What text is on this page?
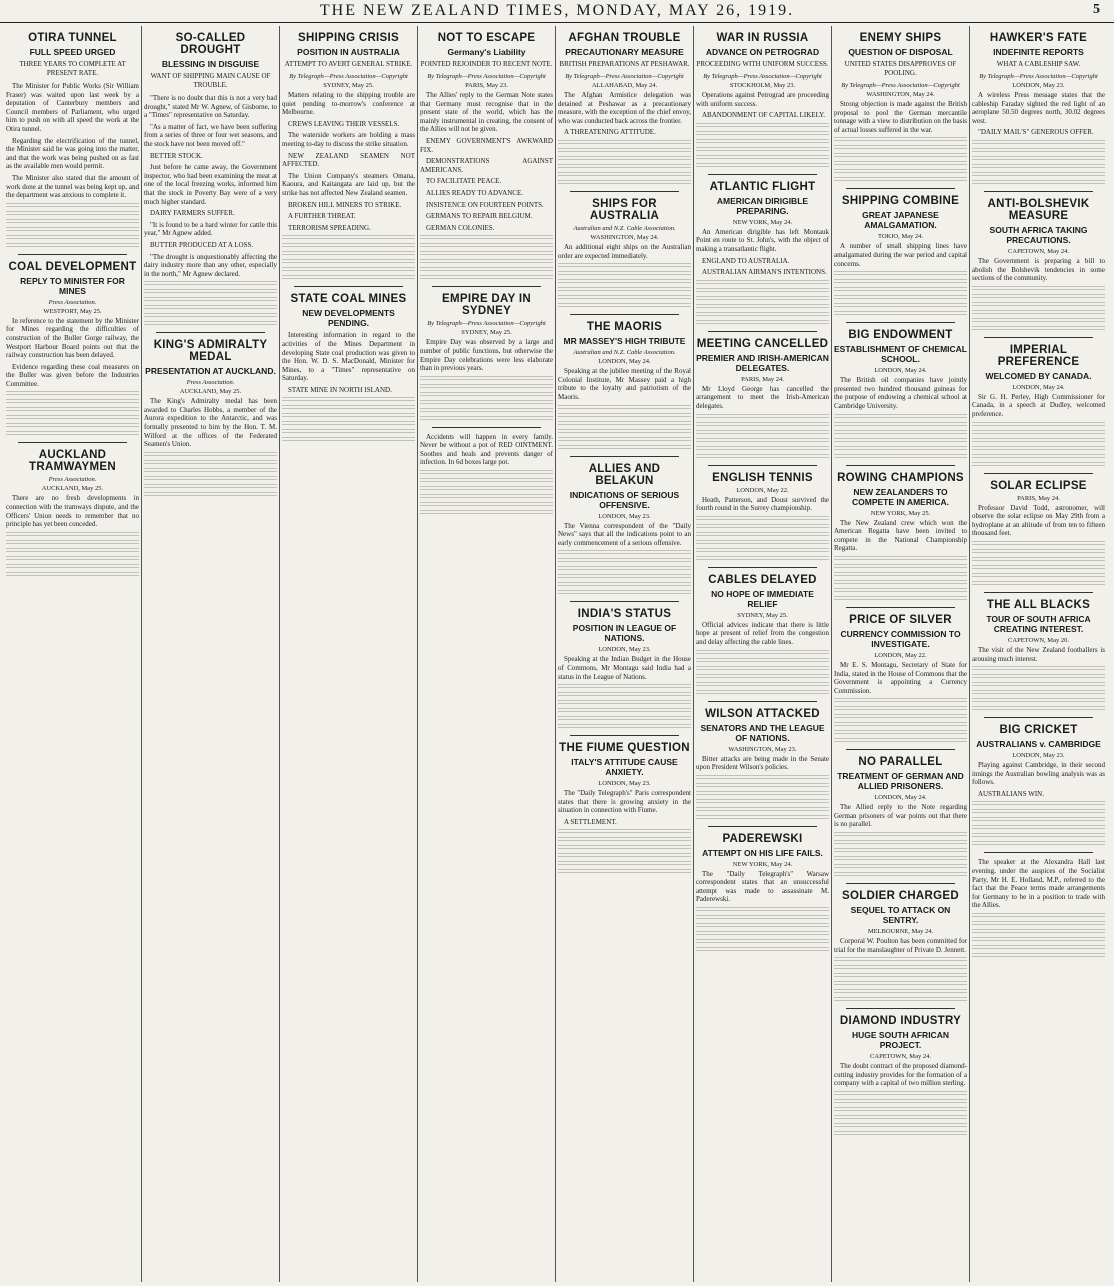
THE NEW ZEALAND TIMES, MONDAY, MAY 26, 1919.	5
OTIRA TUNNEL
FULL SPEED URGED
THREE YEARS TO COMPLETE AT PRESENT RATE.

The Minister for Public Works (Sir William Fraser) was waited upon last week by a deputation of Canterbury members and Council members of Parliament, who urged him to push on with all speed the work at the Otira tunnel.

Regarding the electrification of the tunnel, the Minister said he was going into the matter, and that the work was being pushed on as fast as the available men would permit.

The Minister also stated that the amount of work done at the tunnel was being kept up, and the department was anxious to complete it.

COAL DEVELOPMENT
REPLY TO MINISTER FOR MINES
Press Association.
WESTPORT, May 25.

In reference to the statement by the Minister for Mines regarding the difficulties of construction of the Buller Gorge railway, the Westport Harbour Board points out that the railway construction has been delayed.

Evidence regarding these coal measures on the Buller was given before the Industries Committee.

AUCKLAND TRAMWAYMEN
Press Association.
AUCKLAND, May 25.

There are no fresh developments in connection with the tramways dispute, and the Officers' Union needs to remember that no principle has yet been conceded.

SO-CALLED DROUGHT
BLESSING IN DISGUISE
WANT OF SHIPPING MAIN CAUSE OF TROUBLE.

"There is no doubt that this is not a very bad drought," stated Mr W. Agnew, of Gisborne, to a "Times" representative on Saturday.

"As a matter of fact, we have been suffering from a series of three or four wet seasons, and the stock have not been moved off."

BETTER STOCK.

Just before he came away, the Government inspector, who had been examining the meat at one of the local freezing works, informed him that the stock in Poverty Bay were of a very much higher standard.

DAIRY FARMERS SUFFER.

"It is found to be a hard winter for cattle this year," Mr Agnew added.

BUTTER PRODUCED AT A LOSS.

"The drought is unquestionably affecting the dairy industry more than any other, especially in the north," Mr Agnew declared.

KING'S ADMIRALTY MEDAL
PRESENTATION AT AUCKLAND.
Press Association.
AUCKLAND, May 25.

The King's Admiralty medal has been awarded to Charles Hobbs, a member of the Aurora expedition to the Antarctic, and was formally presented to him by the Hon. T. M. Wilford at the offices of the Federated Seamen's Union.

SHIPPING CRISIS
POSITION IN AUSTRALIA
ATTEMPT TO AVERT GENERAL STRIKE.
By Telegraph—Press Association—Copyright
SYDNEY, May 25.

Matters relating to the shipping trouble are quiet pending to-morrow's conference at Melbourne.

CREWS LEAVING THEIR VESSELS.

The waterside workers are holding a mass meeting to-day to discuss the strike situation.

NEW ZEALAND SEAMEN NOT AFFECTED.

The Union Company's steamers Omana, Kaoura, and Kaitangata are laid up, but the strike has not affected New Zealand seamen.

BROKEN HILL MINERS TO STRIKE.

A FURTHER THREAT.

TERRORISM SPREADING.

STATE COAL MINES
NEW DEVELOPMENTS PENDING.

Interesting information in regard to the activities of the Mines Department in developing State coal production was given to the Hon. W. D. S. MacDonald, Minister for Mines, to a "Times" representative on Saturday.

STATE MINE IN NORTH ISLAND.

NOT TO ESCAPE
Germany's Liability
POINTED REJOINDER TO RECENT NOTE.
By Telegraph—Press Association—Copyright
PARIS, May 23.

The Allies' reply to the German Note states that Germany must recognise that in the present state of the world, which has the mainly instrumental in creating, the consent of the Allies will not be given.

ENEMY GOVERNMENT'S AWKWARD FIX.

DEMONSTRATIONS AGAINST AMERICANS.

TO FACILITATE PEACE.

ALLIES READY TO ADVANCE.

INSISTENCE ON FOURTEEN POINTS.

GERMANS TO REPAIR BELGIUM.

GERMAN COLONIES.

EMPIRE DAY IN SYDNEY
By Telegraph—Press Association—Copyright
SYDNEY, May 25.

Empire Day was observed by a large and number of public functions, but otherwise the Empire Day celebrations were less elaborate than in previous years.

Accidents will happen in every family. Never be without a pot of RED OINTMENT. Soothes and heals and prevents danger of infection. In 6d boxes large pot.

AFGHAN TROUBLE
PRECAUTIONARY MEASURE
BRITISH PREPARATIONS AT PESHAWAR.
By Telegraph—Press Association—Copyright
ALLAHABAD, May 24.

The Afghan Armistice delegation was detained at Peshawar as a precautionary measure, with the exception of the chief envoy, who was conducted back across the frontier.

A THREATENING ATTITUDE.

SHIPS FOR AUSTRALIA
Australian and N.Z. Cable Association.
WASHINGTON, May 24.

An additional eight ships on the Australian order are expected immediately.

THE MAORIS
MR MASSEY'S HIGH TRIBUTE
Australian and N.Z. Cable Association.
LONDON, May 24.

Speaking at the jubilee meeting of the Royal Colonial Institute, Mr Massey paid a high tribute to the loyalty and patriotism of the Maoris.

ALLIES AND BELAKUN
INDICATIONS OF SERIOUS OFFENSIVE.
LONDON, May 23.

The Vienna correspondent of the "Daily News" says that all the indications point to an early commencement of a serious offensive.

INDIA'S STATUS
POSITION IN LEAGUE OF NATIONS.
LONDON, May 23.

Speaking at the Indian Budget in the House of Commons, Mr Montagu said India had a status in the League of Nations.

THE FIUME QUESTION
ITALY'S ATTITUDE CAUSE ANXIETY.
LONDON, May 23.

The "Daily Telegraph's" Paris correspondent states that there is growing anxiety in the situation in connection with Fiume.

A SETTLEMENT.

WAR IN RUSSIA
ADVANCE ON PETROGRAD
PROCEEDING WITH UNIFORM SUCCESS.
By Telegraph—Press Association—Copyright
STOCKHOLM, May 23.

Operations against Petrograd are proceeding with uniform success.

ABANDONMENT OF CAPITAL LIKELY.

ATLANTIC FLIGHT
AMERICAN DIRIGIBLE PREPARING.
NEW YORK, May 24.

An American dirigible has left Montauk Point en route to St. John's, with the object of making a transatlantic flight.

ENGLAND TO AUSTRALIA.

AUSTRALIAN AIRMAN'S INTENTIONS.

MEETING CANCELLED
PREMIER AND IRISH-AMERICAN DELEGATES.
PARIS, May 24.

Mr Lloyd George has cancelled the arrangement to meet the Irish-American delegates.

ENGLISH TENNIS
LONDON, May 22.

Heath, Patterson, and Doust survived the fourth round in the Surrey championship.

CABLES DELAYED
NO HOPE OF IMMEDIATE RELIEF
SYDNEY, May 25.

Official advices indicate that there is little hope at present of relief from the congestion and delay affecting the cable lines.

WILSON ATTACKED
SENATORS AND THE LEAGUE OF NATIONS.
WASHINGTON, May 23.

Bitter attacks are being made in the Senate upon President Wilson's policies.

PADEREWSKI
ATTEMPT ON HIS LIFE FAILS.
NEW YORK, May 24.

The "Daily Telegraph's" Warsaw correspondent states that an unsuccessful attempt was made to assassinate M. Paderewski.

ENEMY SHIPS
QUESTION OF DISPOSAL
UNITED STATES DISAPPROVES OF POOLING.
By Telegraph—Press Association—Copyright
WASHINGTON, May 24.

Strong objection is made against the British proposal to pool the German mercantile tonnage with a view to distribution on the basis of actual losses suffered in the war.

SHIPPING COMBINE
GREAT JAPANESE AMALGAMATION.
TOKIO, May 24.

A number of small shipping lines have amalgamated during the war period and capital concerns.

BIG ENDOWMENT
ESTABLISHMENT OF CHEMICAL SCHOOL.
LONDON, May 24.

The British oil companies have jointly presented two hundred thousand guineas for the purpose of endowing a chemical school at Cambridge University.

ROWING CHAMPIONS
NEW ZEALANDERS TO COMPETE IN AMERICA.
NEW YORK, May 25.

The New Zealand crew which won the American Regatta have been invited to compete in the National Championship Regatta.

PRICE OF SILVER
CURRENCY COMMISSION TO INVESTIGATE.
LONDON, May 22.

Mr E. S. Montagu, Secretary of State for India, stated in the House of Commons that the Government is appointing a Currency Commission.

NO PARALLEL
TREATMENT OF GERMAN AND ALLIED PRISONERS.
LONDON, May 24.

The Allied reply to the Note regarding German prisoners of war points out that there is no parallel.

SOLDIER CHARGED
SEQUEL TO ATTACK ON SENTRY.
MELBOURNE, May 24.

Corporal W. Poulton has been committed for trial for the manslaughter of Private D. Jennett.

DIAMOND INDUSTRY
HUGE SOUTH AFRICAN PROJECT.
CAPETOWN, May 24.

The doubt contract of the proposed diamond-cutting industry provides for the formation of a company with a capital of two million sterling.

HAWKER'S FATE
INDEFINITE REPORTS
WHAT A CABLESHIP SAW.
By Telegraph—Press Association—Copyright
LONDON, May 23.

A wireless Press message states that the cableship Faraday sighted the red light of an aeroplane 50.50 degrees north, 30.02 degrees west.

"DAILY MAIL'S" GENEROUS OFFER.

ANTI-BOLSHEVIK MEASURE
SOUTH AFRICA TAKING PRECAUTIONS.
CAPETOWN, May 24.

The Government is preparing a bill to abolish the Bolshevik tendencies in some sections of the community.

IMPERIAL PREFERENCE
WELCOMED BY CANADA.
LONDON, May 24.

Sir G. H. Perley, High Commissioner for Canada, in a speech at Dudley, welcomed preference.

SOLAR ECLIPSE
PARIS, May 24.

Professor David Todd, astronomer, will observe the solar eclipse on May 29th from a hydroplane at an altitude of from ten to fifteen thousand feet.

THE ALL BLACKS
TOUR OF SOUTH AFRICA CREATING INTEREST.
CAPETOWN, May 20.

The visit of the New Zealand footballers is arousing much interest.

BIG CRICKET
AUSTRALIANS v. CAMBRIDGE
LONDON, May 23.

Playing against Cambridge, in their second innings the Australian bowling analysis was as follows.

AUSTRALIANS WIN.

The speaker at the Alexandra Hall last evening, under the auspices of the Socialist Party, Mr H. E. Holland, M.P., referred to the fact that the Peace terms made arrangements for Germany to be in a position to trade with the Allies.
